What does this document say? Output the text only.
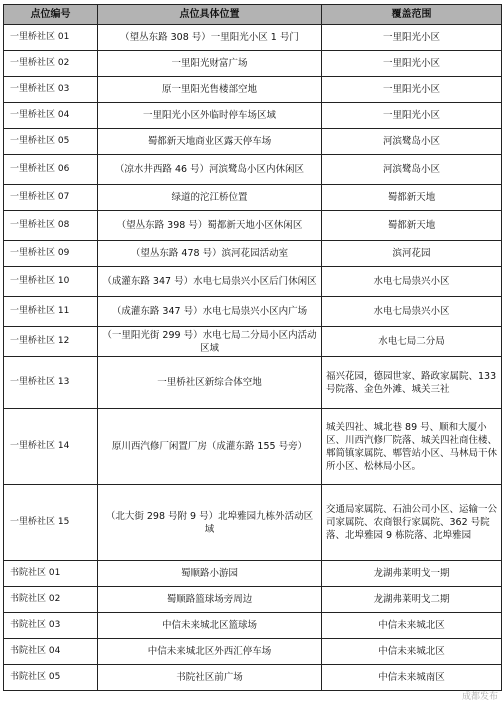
点位编号	点位具体位置	覆盖范围
一里桥社区 01	（望丛东路 308 号）一里阳光小区 1 号门	一里阳光小区
一里桥社区 02	一里阳光财富广场	一里阳光小区
一里桥社区 03	原一里阳光售楼部空地	一里阳光小区
一里桥社区 04	一里阳光小区外临时停车场区域	一里阳光小区
一里桥社区 05	蜀都新天地商业区露天停车场	河滨鹭岛小区
一里桥社区 06	（凉水井西路 46 号）河滨鹭岛小区内休闲区	河滨鹭岛小区
一里桥社区 07	绿道的沱江桥位置	蜀都新天地
一里桥社区 08	（望丛东路 398 号）蜀都新天地小区休闲区	蜀都新天地
一里桥社区 09	（望丛东路 478 号）滨河花园活动室	滨河花园
一里桥社区 10	（成灌东路 347 号）水电七局祟兴小区后门休闲区	水电七局祟兴小区
一里桥社区 11	（成灌东路 347 号）水电七局祟兴小区内广场	水电七局祟兴小区
一里桥社区 12	（一里阳光街 299 号）水电七局二分局小区内活动区域	水电七局二分局
一里桥社区 13	一里桥社区新综合体空地	福兴花园，德园世家、路政家属院、133 号院落、金色外滩、城关三社
一里桥社区 14	原川西汽修厂闲置厂房（成灌东路 155 号旁）	城关四社、城北巷 89 号、顺和大厦小区、川西汽修厂院落、城关四社商住楼、郫简镇家属院、郫管站小区、马林局干休所小区、松林局小区。
一里桥社区 15	（北大街 298 号附 9 号）北埠雅园九栋外活动区域	交通局家属院、石油公司小区、运输一公司家属院、农商银行家属院、362 号院落、北埠雅园 9 栋院落、北埠雅园
书院社区 01	蜀顺路小游园	龙湖弗莱明戈一期
书院社区 02	蜀顺路篮球场旁周边	龙湖弗莱明戈二期
书院社区 03	中信未来城北区篮球场	中信未来城北区
书院社区 04	中信未来城北区外西汇停车场	中信未来城北区
书院社区 05	书院社区前广场	中信未来城南区
成都发布
